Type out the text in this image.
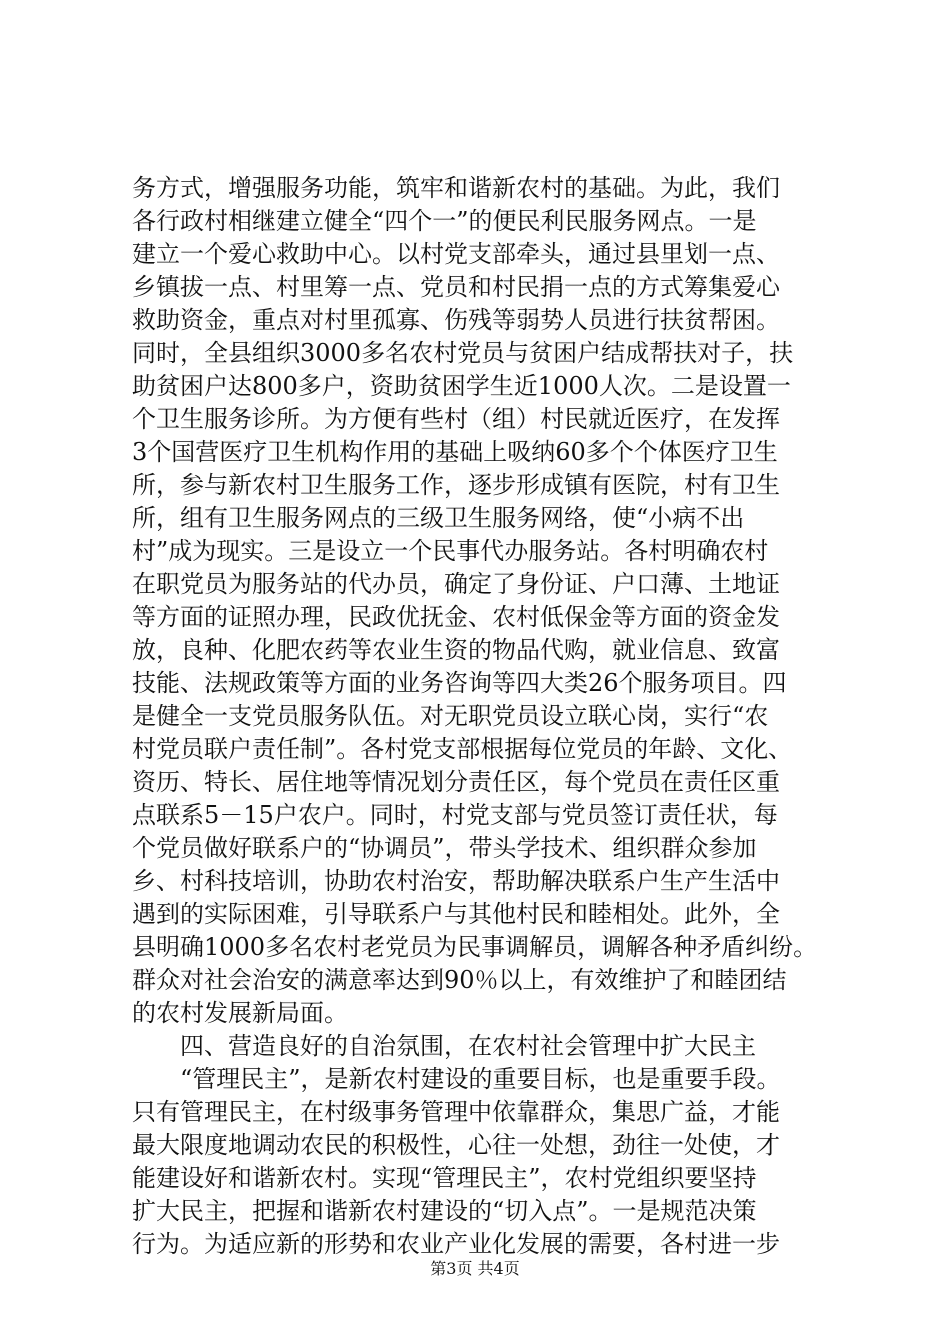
务方式，增强服务功能，筑牢和谐新农村的基础。为此，我们
各行政村相继建立健全“四个一”的便民利民服务网点。一是
建立一个爱心救助中心。以村党支部牵头，通过县里划一点、
乡镇拔一点、村里筹一点、党员和村民捐一点的方式筹集爱心
救助资金，重点对村里孤寡、伤残等弱势人员进行扶贫帮困。
同时，全县组织3000多名农村党员与贫困户结成帮扶对子，扶
助贫困户达800多户，资助贫困学生近1000人次。二是设置一
个卫生服务诊所。为方便有些村（组）村民就近医疗，在发挥
3个国营医疗卫生机构作用的基础上吸纳60多个个体医疗卫生
所，参与新农村卫生服务工作，逐步形成镇有医院，村有卫生
所，组有卫生服务网点的三级卫生服务网络，使“小病不出
村”成为现实。三是设立一个民事代办服务站。各村明确农村
在职党员为服务站的代办员，确定了身份证、户口薄、土地证
等方面的证照办理，民政优抚金、农村低保金等方面的资金发
放，良种、化肥农药等农业生资的物品代购，就业信息、致富
技能、法规政策等方面的业务咨询等四大类26个服务项目。四
是健全一支党员服务队伍。对无职党员设立联心岗，实行“农
村党员联户责任制”。各村党支部根据每位党员的年龄、文化、
资历、特长、居住地等情况划分责任区，每个党员在责任区重
点联系5－15户农户。同时，村党支部与党员签订责任状，每
个党员做好联系户的“协调员”，带头学技术、组织群众参加
乡、村科技培训，协助农村治安，帮助解决联系户生产生活中
遇到的实际困难，引导联系户与其他村民和睦相处。此外，全
县明确1000多名农村老党员为民事调解员，调解各种矛盾纠纷。
群众对社会治安的满意率达到90％以上，有效维护了和睦团结
的农村发展新局面。
　　四、营造良好的自治氛围，在农村社会管理中扩大民主
　　“管理民主”，是新农村建设的重要目标，也是重要手段。
只有管理民主，在村级事务管理中依靠群众，集思广益，才能
最大限度地调动农民的积极性，心往一处想，劲往一处使，才
能建设好和谐新农村。实现“管理民主”，农村党组织要坚持
扩大民主，把握和谐新农村建设的“切入点”。一是规范决策
行为。为适应新的形势和农业产业化发展的需要，各村进一步
第3页 共4页
